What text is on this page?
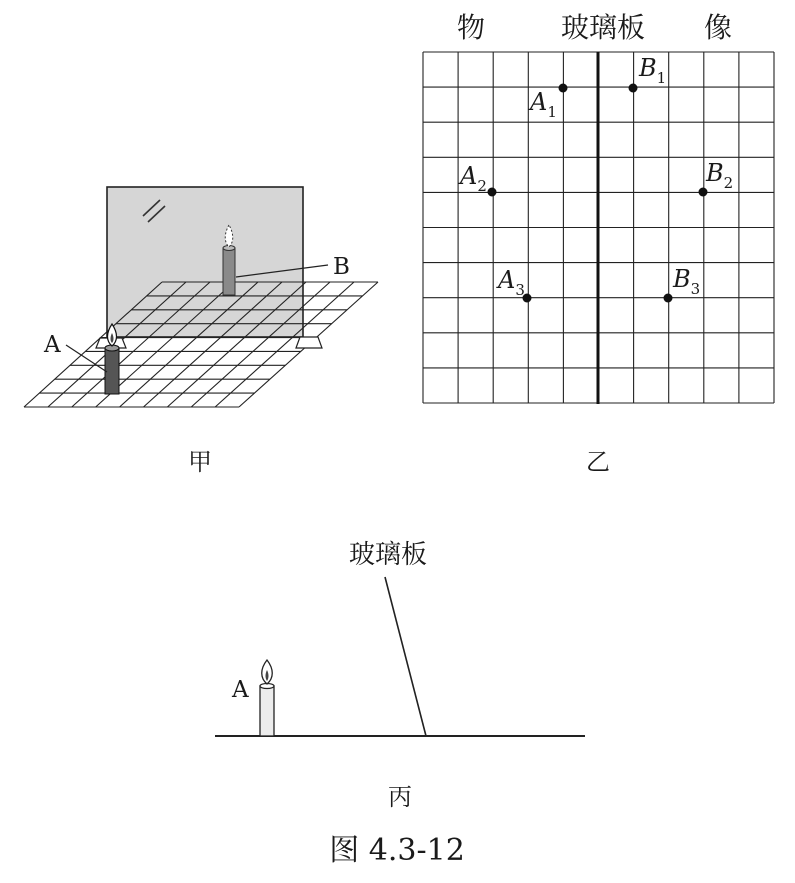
A
B
甲
物	玻璃板 像
$A_1$
$B_1$
$A_2$	$B_2$
$A_3$	$B_3$
乙
玻璃板
A
丙
图 4.3-12
